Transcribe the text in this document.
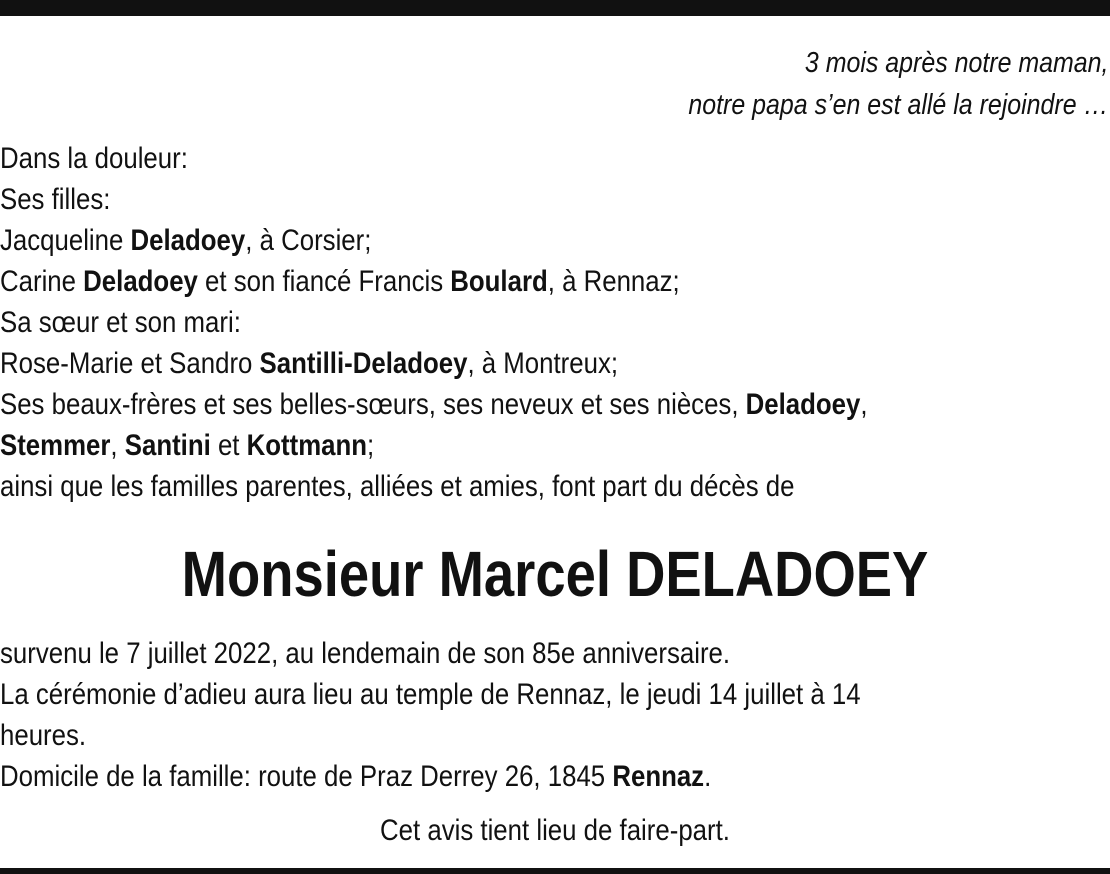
3 mois après notre maman,
notre papa s’en est allé la rejoindre …
Dans la douleur:
Ses filles:
Jacqueline Deladoey, à Corsier;
Carine Deladoey et son fiancé Francis Boulard, à Rennaz;
Sa sœur et son mari:
Rose-Marie et Sandro Santilli-Deladoey, à Montreux;
Ses beaux-frères et ses belles-sœurs, ses neveux et ses nièces, Deladoey,
Stemmer, Santini et Kottmann;
ainsi que les familles parentes, alliées et amies, font part du décès de
Monsieur Marcel DELADOEY
survenu le 7 juillet 2022, au lendemain de son 85e anniversaire.
La cérémonie d’adieu aura lieu au temple de Rennaz, le jeudi 14 juillet à 14
heures.
Domicile de la famille: route de Praz Derrey 26, 1845 Rennaz.
Cet avis tient lieu de faire-part.
